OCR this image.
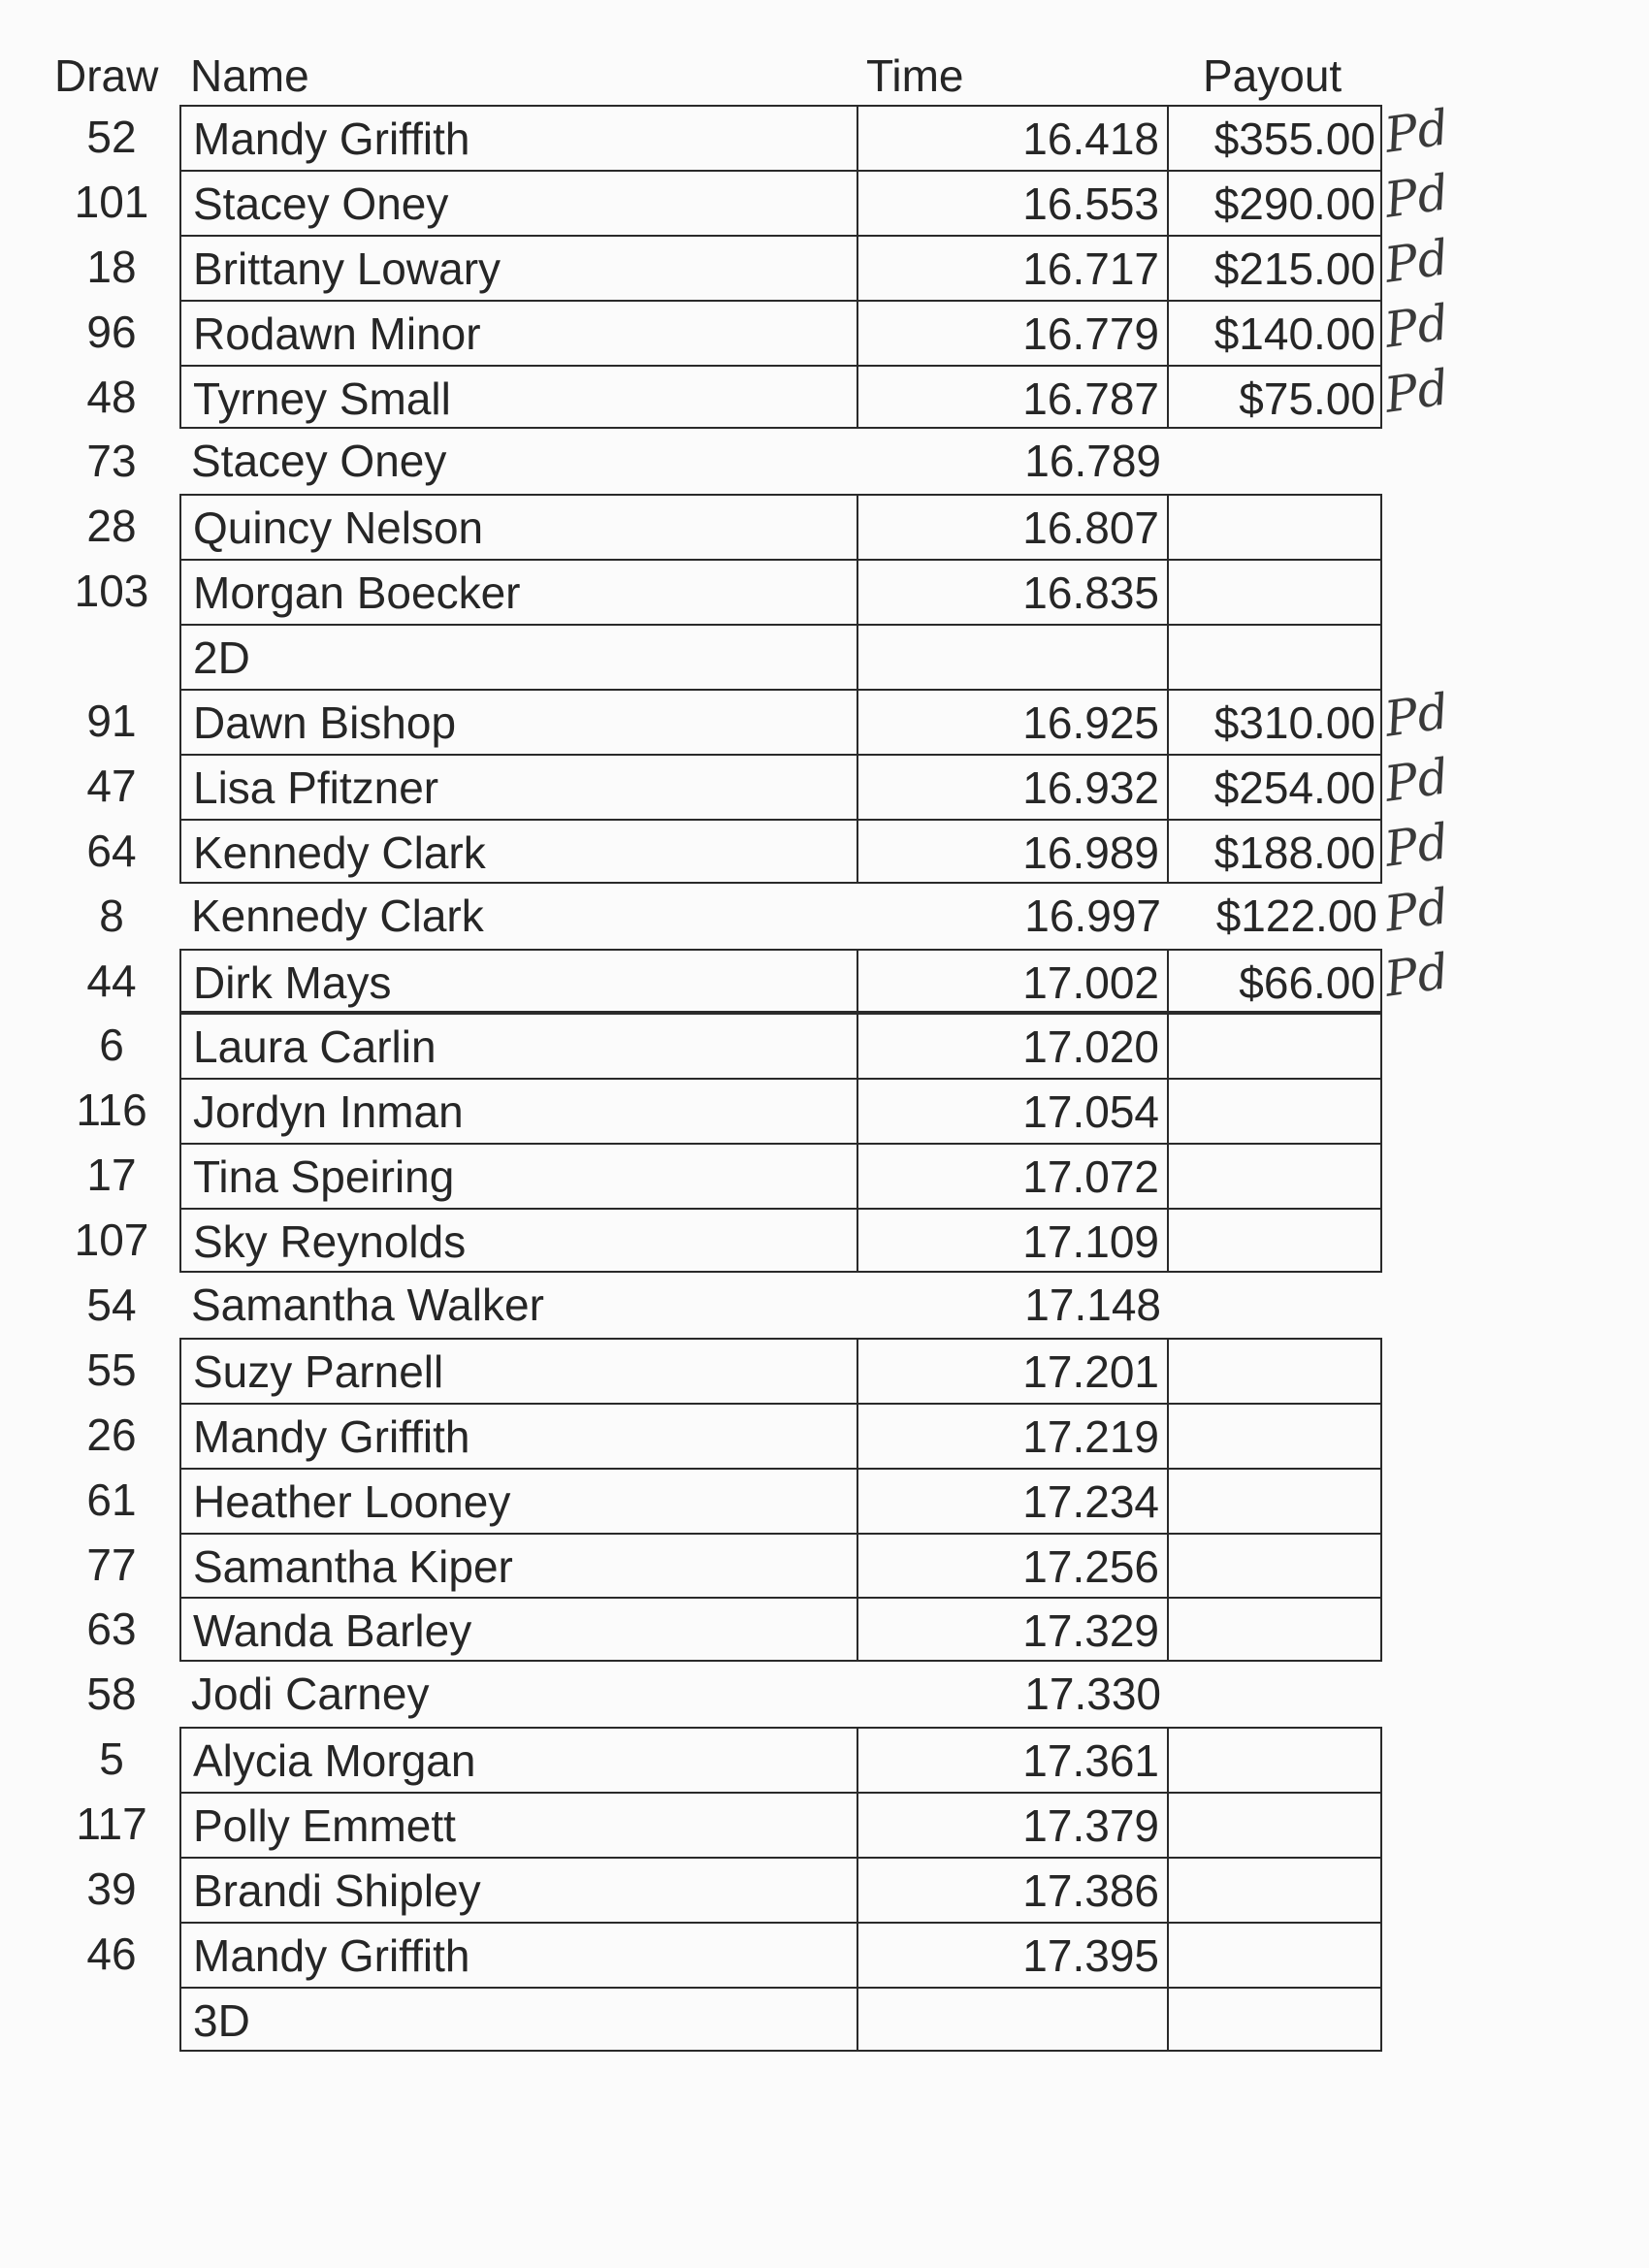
Draw Name	Time	Payout
52	Mandy Griffith	16.418	$355.00 Pd
101 Stacey Oney	16.553	$290.00 Pd
18	Brittany Lowary	16.717	$215.00 Pd
96	Rodawn Minor	16.779	$140.00 Pd
48	Tyrney Small	16.787	$75.00 Pd
73	Stacey Oney	16.789
28	Quincy Nelson	16.807
103 Morgan Boecker	16.835
2D
91	Dawn Bishop	16.925	$310.00 Pd
47	Lisa Pfitzner	16.932	$254.00 Pd
64	Kennedy Clark	16.989	$188.00 Pd
8	Kennedy Clark	16.997	$122.00 Pd
44	Dirk Mays	17.002	$66.00 Pd
6	Laura Carlin	17.020
116	Jordyn Inman	17.054
17	Tina Speiring	17.072
107 Sky Reynolds	17.109
54	Samantha Walker	17.148
55	Suzy Parnell	17.201
26	Mandy Griffith	17.219
61	Heather Looney	17.234
77	Samantha Kiper	17.256
63	Wanda Barley	17.329
58	Jodi Carney	17.330
5	Alycia Morgan	17.361
117	Polly Emmett	17.379
39	Brandi Shipley	17.386
46	Mandy Griffith	17.395
3D
